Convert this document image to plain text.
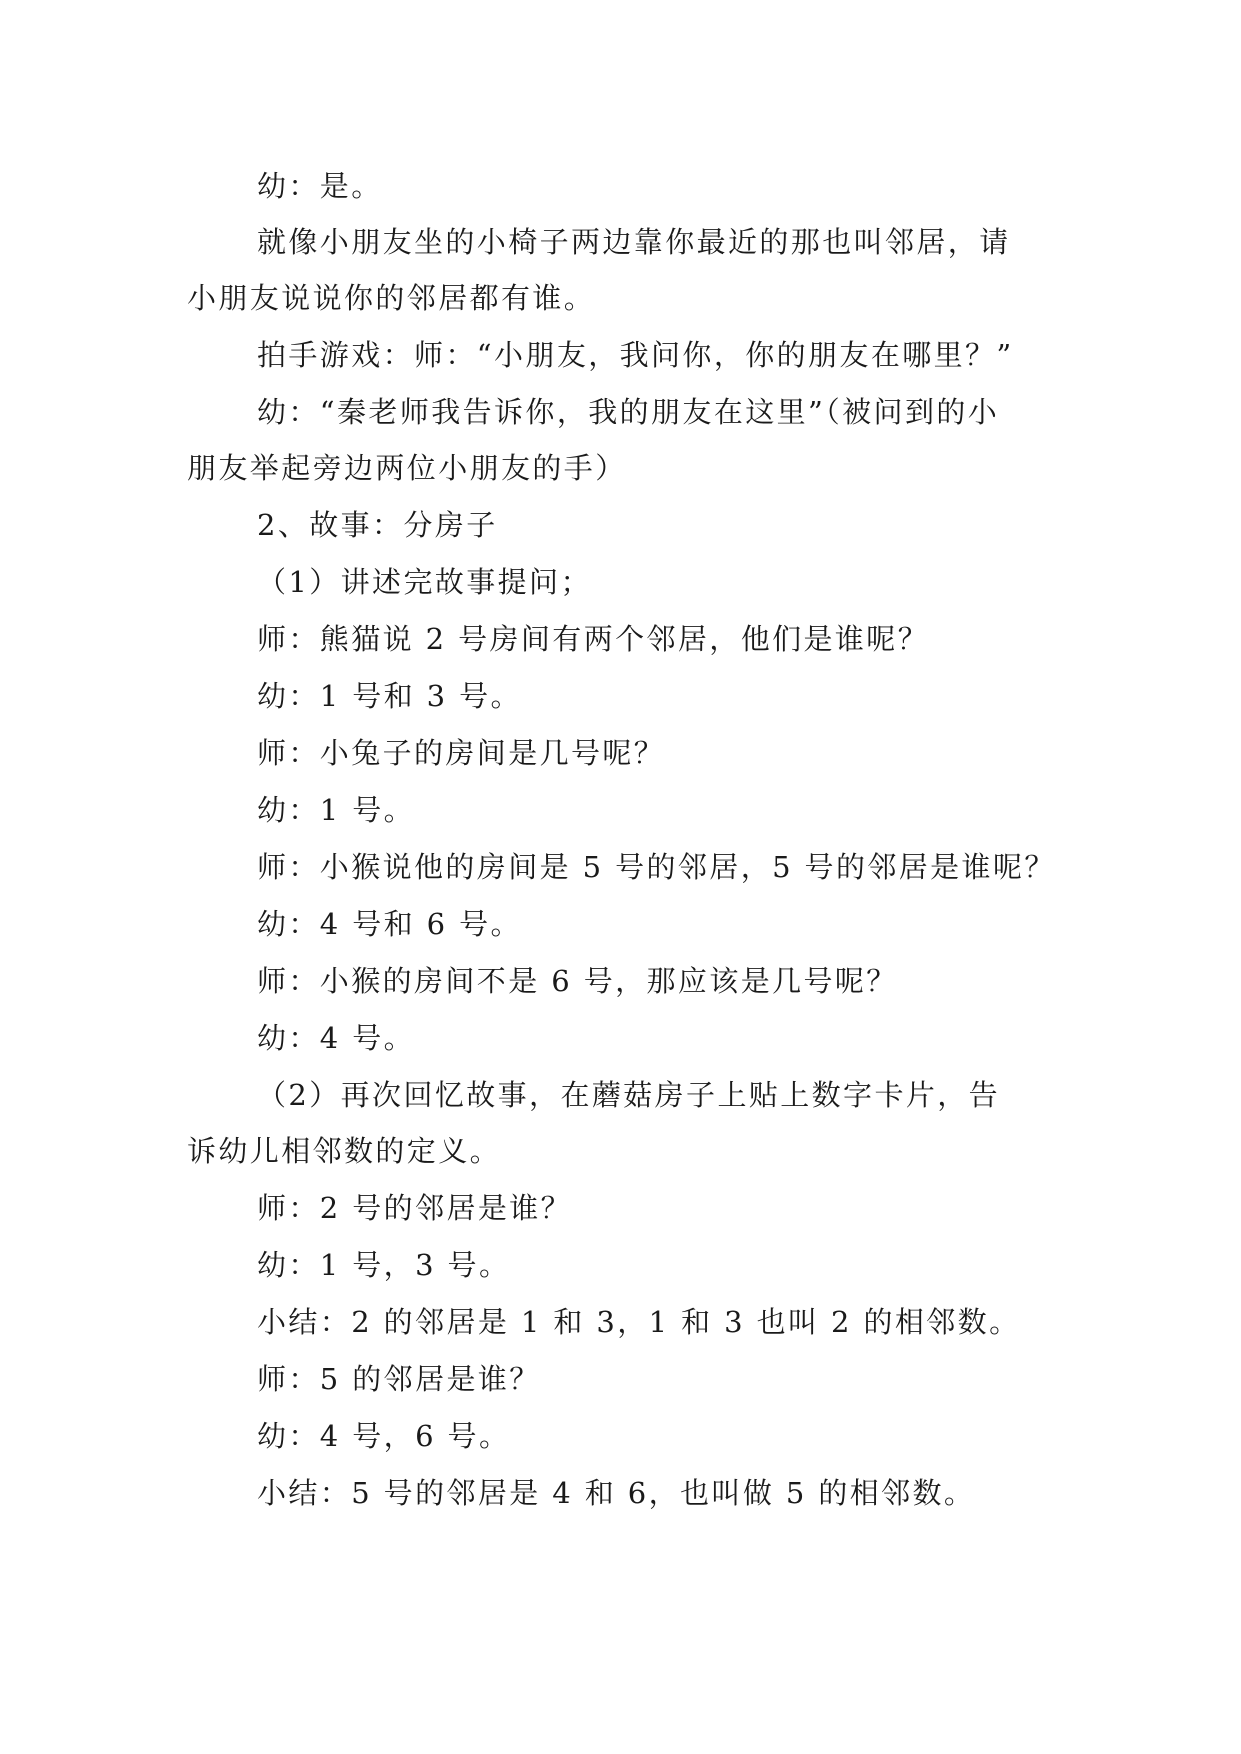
幼：是。
就像小朋友坐的小椅子两边靠你最近的那也叫邻居，请
小朋友说说你的邻居都有谁。
拍手游戏：师：“小朋友，我问你，你的朋友在哪里？”
幼：“秦老师我告诉你，我的朋友在这里”（被问到的小
朋友举起旁边两位小朋友的手）
2、故事：分房子
（1）讲述完故事提问；
师：熊猫说 2 号房间有两个邻居，他们是谁呢？
幼：1 号和 3 号。
师：小兔子的房间是几号呢？
幼：1 号。
师：小猴说他的房间是 5 号的邻居，5 号的邻居是谁呢？
幼：4 号和 6 号。
师：小猴的房间不是 6 号，那应该是几号呢？
幼：4 号。
（2）再次回忆故事，在蘑菇房子上贴上数字卡片，告
诉幼儿相邻数的定义。
师：2 号的邻居是谁？
幼：1 号，3 号。
小结：2 的邻居是 1 和 3，1 和 3 也叫 2 的相邻数。
师：5 的邻居是谁？
幼：4 号，6 号。
小结：5 号的邻居是 4 和 6，也叫做 5 的相邻数。
